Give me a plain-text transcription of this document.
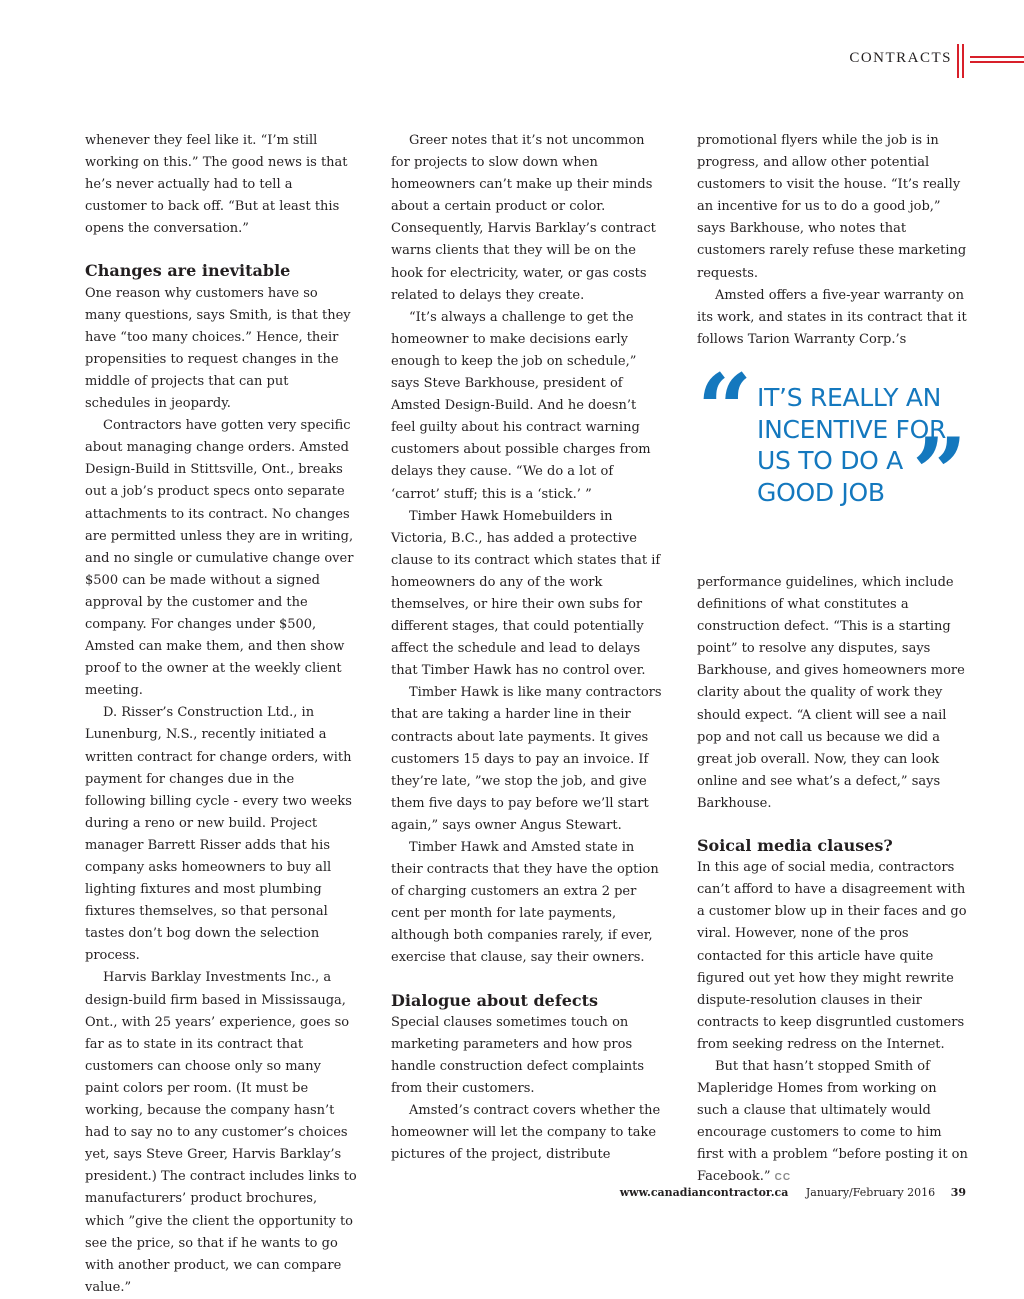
CONTRACTS

whenever they feel like it. “I’m still working on this.” The good news is that he’s never actually had to tell a customer to back off. “But at least this opens the conversation.”

Changes are inevitable

One reason why customers have so many questions, says Smith, is that they have “too many choices.” Hence, their propensities to request changes in the middle of projects that can put schedules in jeopardy.

Contractors have gotten very specific about managing change orders. Amsted Design-Build in Stittsville, Ont., breaks out a job’s product specs onto separate attachments to its contract. No changes are permitted unless they are in writing, and no single or cumulative change over $500 can be made without a signed approval by the customer and the company. For changes under $500, Amsted can make them, and then show proof to the owner at the weekly client meeting.

D. Risser’s Construction Ltd., in Lunenburg, N.S., recently initiated a written contract for change orders, with payment for changes due in the following billing cycle - every two weeks during a reno or new build. Project manager Barrett Risser adds that his company asks homeowners to buy all lighting fixtures and most plumbing fixtures themselves, so that personal tastes don’t bog down the selection process.

Harvis Barklay Investments Inc., a design-build firm based in Mississauga, Ont., with 25 years’ experience, goes so far as to state in its contract that customers can choose only so many paint colors per room. (It must be working, because the company hasn’t had to say no to any customer’s choices yet, says Steve Greer, Harvis Barklay’s president.) The contract includes links to manufacturers’ product brochures, which ”give the client the opportunity to see the price, so that if he wants to go with another product, we can compare value.”

Greer notes that it’s not uncommon for projects to slow down when homeowners can’t make up their minds about a certain product or color. Consequently, Harvis Barklay’s contract warns clients that they will be on the hook for electricity, water, or gas costs related to delays they create.

“It’s always a challenge to get the homeowner to make decisions early enough to keep the job on schedule,” says Steve Barkhouse, president of Amsted Design-Build. And he doesn’t feel guilty about his contract warning customers about possible charges from delays they cause. “We do a lot of ‘carrot’ stuff; this is a ‘stick.’ ”

Timber Hawk Homebuilders in Victoria, B.C., has added a protective clause to its contract which states that if homeowners do any of the work themselves, or hire their own subs for different stages, that could potentially affect the schedule and lead to delays that Timber Hawk has no control over.

Timber Hawk is like many contractors that are taking a harder line in their contracts about late payments. It gives customers 15 days to pay an invoice. If they’re late, ”we stop the job, and give them five days to pay before we’ll start again,” says owner Angus Stewart.

Timber Hawk and Amsted state in their contracts that they have the option of charging customers an extra 2 per cent per month for late payments, although both companies rarely, if ever, exercise that clause, say their owners.

Dialogue about defects

Special clauses sometimes touch on marketing parameters and how pros handle construction defect complaints from their customers.

Amsted’s contract covers whether the homeowner will let the company to take pictures of the project, distribute

promotional flyers while the job is in progress, and allow other potential customers to visit the house. “It’s really an incentive for us to do a good job,” says Barkhouse, who notes that customers rarely refuse these marketing requests.

Amsted offers a five-year warranty on its work, and states in its contract that it follows Tarion Warranty Corp.’s

“ IT’S REALLY AN
INCENTIVE FOR
US TO DO A
GOOD JOB ”

performance guidelines, which include definitions of what constitutes a construction defect. “This is a starting point” to resolve any disputes, says Barkhouse, and gives homeowners more clarity about the quality of work they should expect. “A client will see a nail pop and not call us because we did a great job overall. Now, they can look online and see what’s a defect,” says Barkhouse.

Soical media clauses?

In this age of social media, contractors can’t afford to have a disagreement with a customer blow up in their faces and go viral. However, none of the pros contacted for this article have quite figured out yet how they might rewrite dispute-resolution clauses in their contracts to keep disgruntled customers from seeking redress on the Internet.

But that hasn’t stopped Smith of Mapleridge Homes from working on such a clause that ultimately would encourage customers to come to him first with a problem “before posting it on Facebook.” CC

www.canadiancontractor.ca January/February 2016 39
